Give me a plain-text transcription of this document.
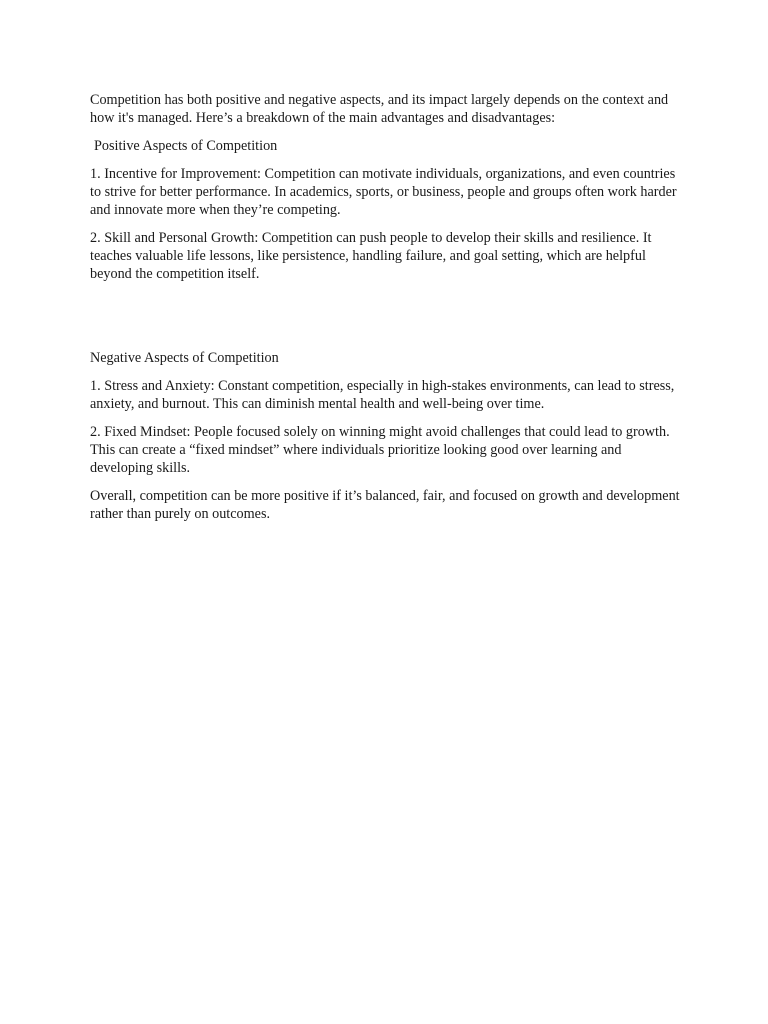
Competition has both positive and negative aspects, and its impact largely depends on the context and how it's managed. Here’s a breakdown of the main advantages and disadvantages:

Positive Aspects of Competition

1. Incentive for Improvement: Competition can motivate individuals, organizations, and even countries to strive for better performance. In academics, sports, or business, people and groups often work harder and innovate more when they’re competing.

2. Skill and Personal Growth: Competition can push people to develop their skills and resilience. It teaches valuable life lessons, like persistence, handling failure, and goal setting, which are helpful beyond the competition itself.

Negative Aspects of Competition

1. Stress and Anxiety: Constant competition, especially in high-stakes environments, can lead to stress, anxiety, and burnout. This can diminish mental health and well-being over time.

2. Fixed Mindset: People focused solely on winning might avoid challenges that could lead to growth. This can create a “fixed mindset” where individuals prioritize looking good over learning and developing skills.

Overall, competition can be more positive if it’s balanced, fair, and focused on growth and development rather than purely on outcomes.
